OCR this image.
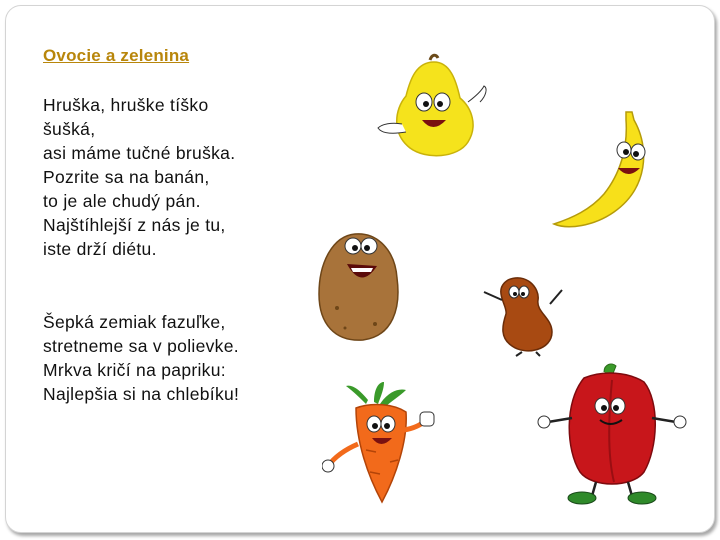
Ovocie a zelenina
Hruška, hruške tíško
šušká,
asi máme tučné bruška.
Pozrite sa na banán,
to je ale chudý pán.
Najštíhlejší z nás je tu,
iste drží diétu.
Šepká zemiak fazuľke,
stretneme sa v polievke.
Mrkva kričí na papriku:
Najlepšia si na chlebíku!
